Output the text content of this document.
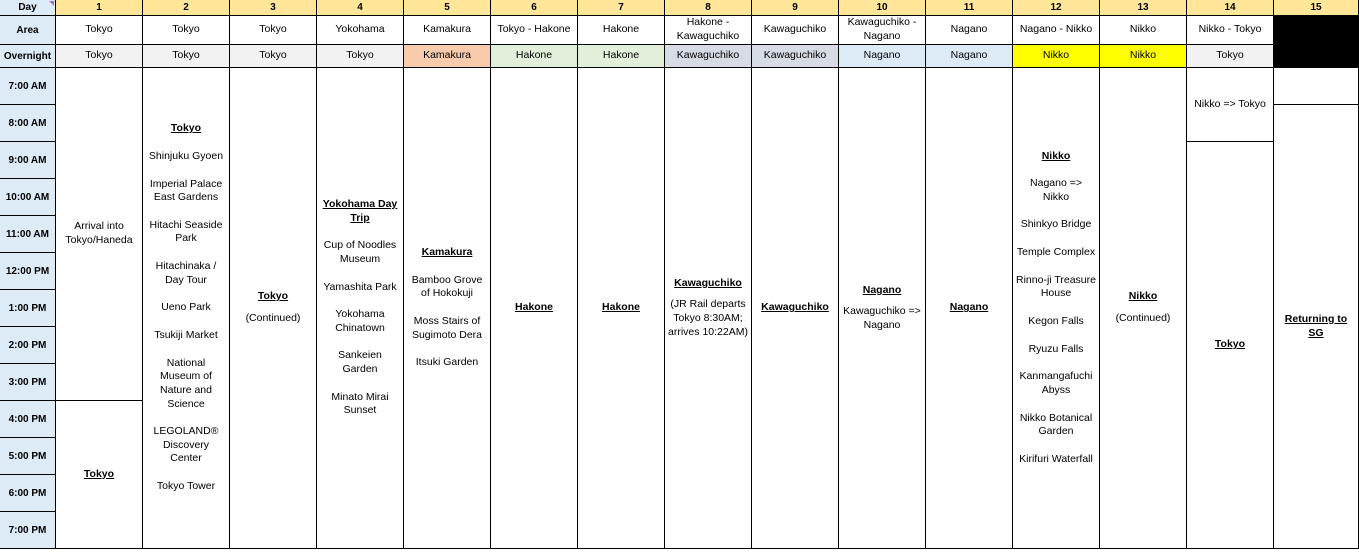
Day
Area
Overnight
1
Tokyo
Tokyo
2
Tokyo
Tokyo
3
Tokyo
Tokyo
4
Yokohama
Tokyo
5
Kamakura
Kamakura
6
Tokyo - Hakone
Hakone
7
Hakone
Hakone
8
Hakone - Kawaguchiko
Kawaguchiko
9
Kawaguchiko
Kawaguchiko
10
Kawaguchiko - Nagano
Nagano
11
Nagano
Nagano
12
Nagano - Nikko
Nikko
13
Nikko
Nikko
14
Nikko - Tokyo
Tokyo
15
7:00 AM
8:00 AM
9:00 AM
10:00 AM
11:00 AM
12:00 PM
1:00 PM
2:00 PM
3:00 PM
4:00 PM
5:00 PM
6:00 PM
7:00 PM

Arrival into Tokyo/Haneda

Tokyo

Tokyo

Shinjuku Gyoen

Imperial Palace East Gardens

Hitachi Seaside Park

Hitachinaka / Day Tour

Ueno Park

Tsukiji Market

National Museum of Nature and Science

LEGOLAND® Discovery Center

Tokyo Tower

Tokyo

(Continued)

Yokohama Day Trip

Cup of Noodles Museum

Yamashita Park

Yokohama Chinatown

Sankeien Garden

Minato Mirai Sunset

Kamakura

Bamboo Grove of Hokokuji

Moss Stairs of Sugimoto Dera

Itsuki Garden

Hakone	Hakone

Kawaguchiko

(JR Rail departs Tokyo 8:30AM; arrives 10:22AM)

Kawaguchiko

Nagano

Kawaguchiko => Nagano

Nagano

Nikko

Nagano => Nikko

Shinkyo Bridge

Temple Complex

Rinno-ji Treasure House

Kegon Falls

Ryuzu Falls

Kanmangafuchi Abyss

Nikko Botanical Garden

Kirifuri Waterfall

Nikko

(Continued)

Nikko => Tokyo

Tokyo

Returning to SG
